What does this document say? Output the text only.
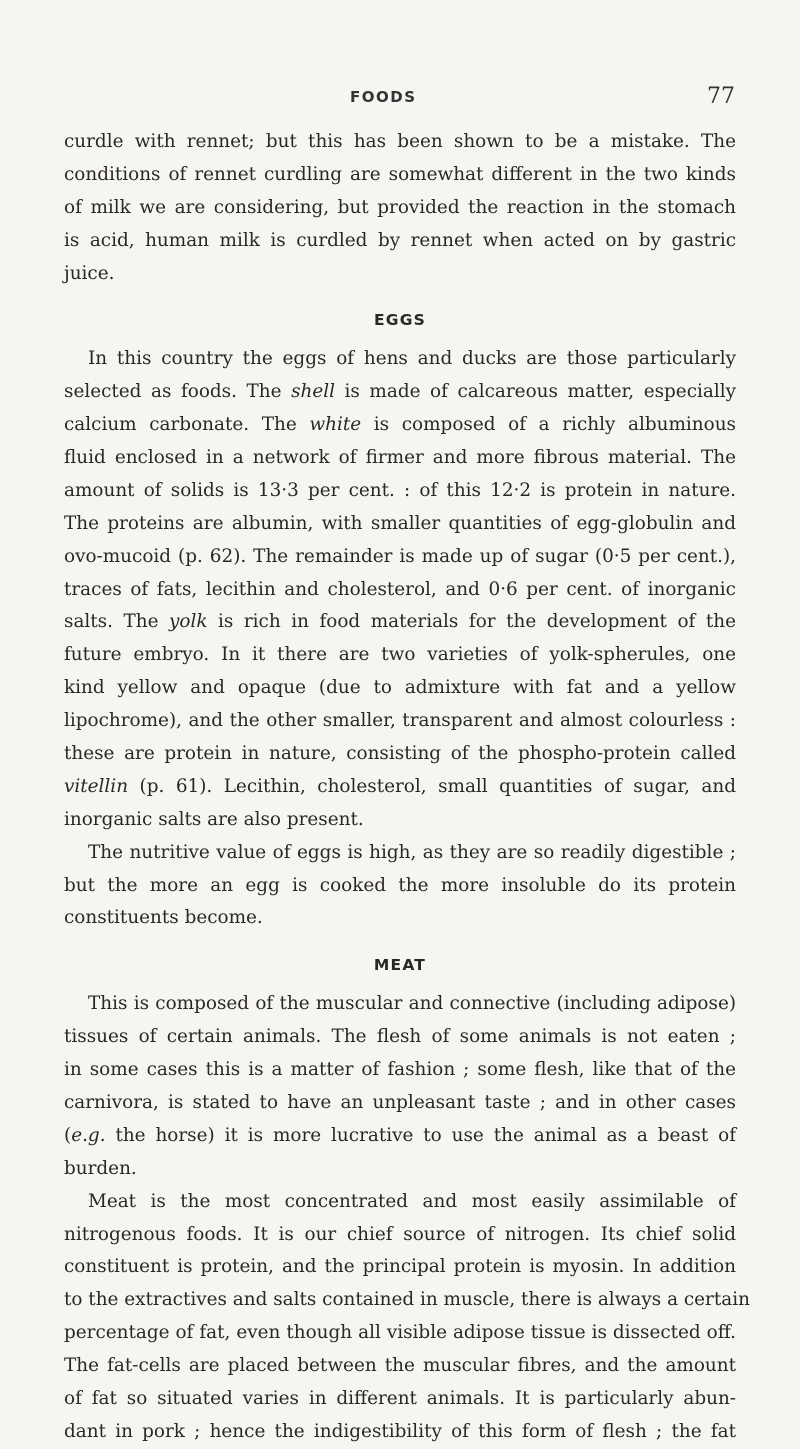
FOODS	77
curdle with rennet; but this has been shown to be a mistake. The
conditions of rennet curdling are somewhat different in the two kinds
of milk we are considering, but provided the reaction in the stomach
is acid, human milk is curdled by rennet when acted on by gastric
juice.
EGGS
In this country the eggs of hens and ducks are those particularly
selected as foods. The shell is made of calcareous matter, especially
calcium carbonate. The white is composed of a richly albuminous
fluid enclosed in a network of firmer and more fibrous material. The
amount of solids is 13·3 per cent. : of this 12·2 is protein in nature.
The proteins are albumin, with smaller quantities of egg-globulin and
ovo-mucoid (p. 62). The remainder is made up of sugar (0·5 per cent.),
traces of fats, lecithin and cholesterol, and 0·6 per cent. of inorganic
salts. The yolk is rich in food materials for the development of the
future embryo. In it there are two varieties of yolk-spherules, one
kind yellow and opaque (due to admixture with fat and a yellow
lipochrome), and the other smaller, transparent and almost colourless :
these are protein in nature, consisting of the phospho-protein called
vitellin (p. 61). Lecithin, cholesterol, small quantities of sugar, and
inorganic salts are also present.
The nutritive value of eggs is high, as they are so readily digestible ;
but the more an egg is cooked the more insoluble do its protein
constituents become.
MEAT
This is composed of the muscular and connective (including adipose)
tissues of certain animals. The flesh of some animals is not eaten ;
in some cases this is a matter of fashion ; some flesh, like that of the
carnivora, is stated to have an unpleasant taste ; and in other cases
(e.g. the horse) it is more lucrative to use the animal as a beast of
burden.
Meat is the most concentrated and most easily assimilable of
nitrogenous foods. It is our chief source of nitrogen. Its chief solid
constituent is protein, and the principal protein is myosin. In addition
to the extractives and salts contained in muscle, there is always a certain
percentage of fat, even though all visible adipose tissue is dissected off.
The fat-cells are placed between the muscular fibres, and the amount
of fat so situated varies in different animals. It is particularly abun-
dant in pork ; hence the indigestibility of this form of flesh ; the fat
